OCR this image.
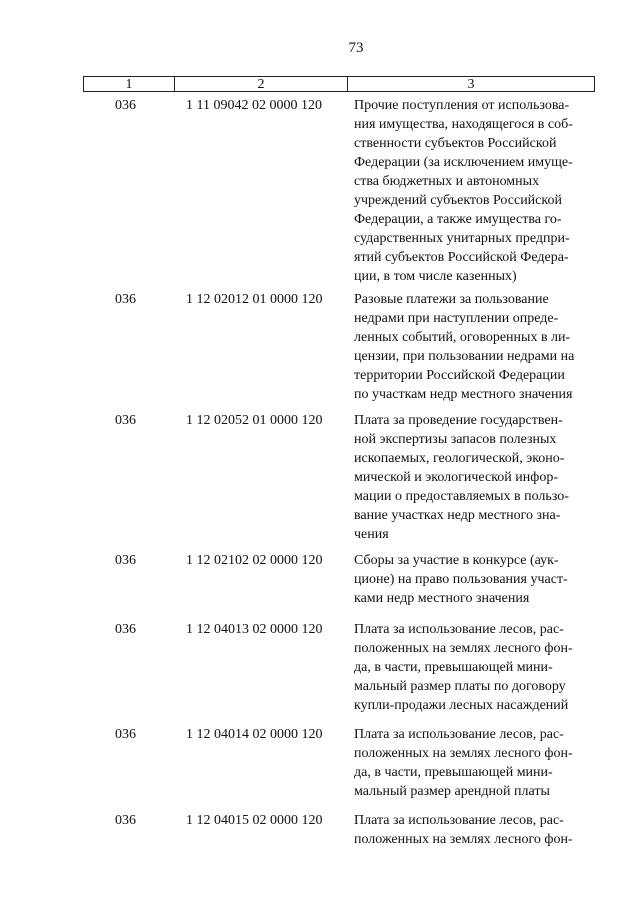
73
1	2	3
036	1 11 09042 02 0000 120	Прочие поступления от использова-
ния имущества, находящегося в соб-
ственности субъектов Российской
Федерации (за исключением имуще-
ства бюджетных и автономных
учреждений субъектов Российской
Федерации, а также имущества го-
сударственных унитарных предпри-
ятий субъектов Российской Федера-
ции, в том числе казенных)
036	1 12 02012 01 0000 120	Разовые платежи за пользование
недрами при наступлении опреде-
ленных событий, оговоренных в ли-
цензии, при пользовании недрами на
территории Российской Федерации
по участкам недр местного значения
036	1 12 02052 01 0000 120	Плата за проведение государствен-
ной экспертизы запасов полезных
ископаемых, геологической, эконо-
мической и экологической инфор-
мации о предоставляемых в пользо-
вание участках недр местного зна-
чения
036	1 12 02102 02 0000 120	Сборы за участие в конкурсе (аук-
ционе) на право пользования участ-
ками недр местного значения
036	1 12 04013 02 0000 120	Плата за использование лесов, рас-
положенных на землях лесного фон-
да, в части, превышающей мини-
мальный размер платы по договору
купли-продажи лесных насаждений
036	1 12 04014 02 0000 120	Плата за использование лесов, рас-
положенных на землях лесного фон-
да, в части, превышающей мини-
мальный размер арендной платы
036	1 12 04015 02 0000 120	Плата за использование лесов, рас-
положенных на землях лесного фон-
